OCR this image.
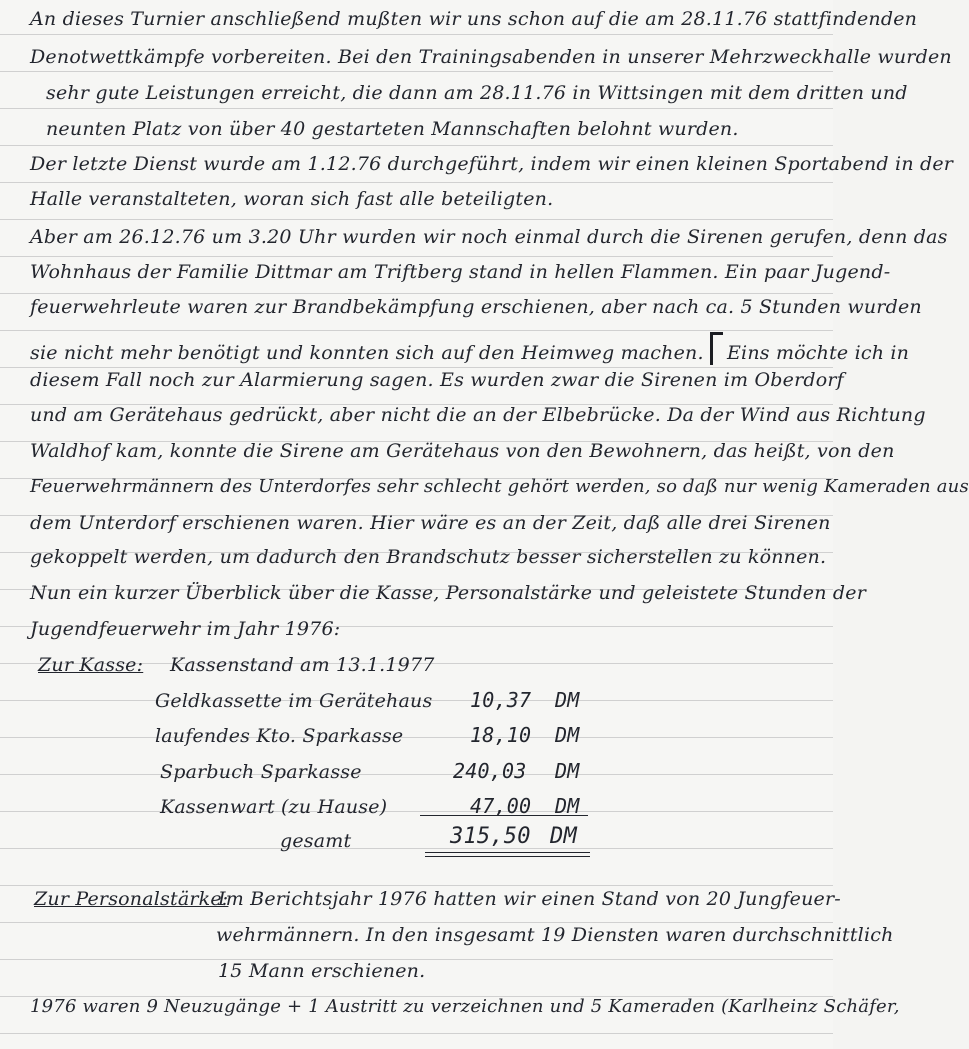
An dieses Turnier anschließend mußten wir uns schon auf die am 28.11.76 stattfindenden

Denotwettkämpfe vorbereiten. Bei den Trainingsabenden in unserer Mehrzweckhalle wurden

sehr gute Leistungen erreicht, die dann am 28.11.76 in Wittsingen mit dem dritten und

neunten Platz von über 40 gestarteten Mannschaften belohnt wurden.

Der letzte Dienst wurde am 1.12.76 durchgeführt, indem wir einen kleinen Sportabend in der

Halle veranstalteten, woran sich fast alle beteiligten.

Aber am 26.12.76 um 3.20 Uhr wurden wir noch einmal durch die Sirenen gerufen, denn das

Wohnhaus der Familie Dittmar am Triftberg stand in hellen Flammen. Ein paar Jugend-

feuerwehrleute waren zur Brandbekämpfung erschienen, aber nach ca. 5 Stunden wurden

sie nicht mehr benötigt und konnten sich auf den Heimweg machen. Eins möchte ich in

diesem Fall noch zur Alarmierung sagen. Es wurden zwar die Sirenen im Oberdorf

und am Gerätehaus gedrückt, aber nicht die an der Elbebrücke. Da der Wind aus Richtung

Waldhof kam, konnte die Sirene am Gerätehaus von den Bewohnern, das heißt, von den

Feuerwehrmännern des Unterdorfes sehr schlecht gehört werden, so daß nur wenig Kameraden aus

dem Unterdorf erschienen waren. Hier wäre es an der Zeit, daß alle drei Sirenen

gekoppelt werden, um dadurch den Brandschutz besser sicherstellen zu können.

Nun ein kurzer Überblick über die Kasse, Personalstärke und geleistete Stunden der

Jugendfeuerwehr im Jahr 1976:

Zur Kasse: Kassenstand am 13.1.1977

Geldkassette im Gerätehaus 10,37 DM

laufendes Kto. Sparkasse	18,10 DM

Sparbuch Sparkasse	240,03 DM

Kassenwart (zu Hause)	47,00 DM

gesamt	315,50 DM

Zur Personalstärke:

Im Berichtsjahr 1976 hatten wir einen Stand von 20 Jungfeuer-

wehrmännern. In den insgesamt 19 Diensten waren durchschnittlich

15 Mann erschienen.

1976 waren 9 Neuzugänge + 1 Austritt zu verzeichnen und 5 Kameraden (Karlheinz Schäfer,
